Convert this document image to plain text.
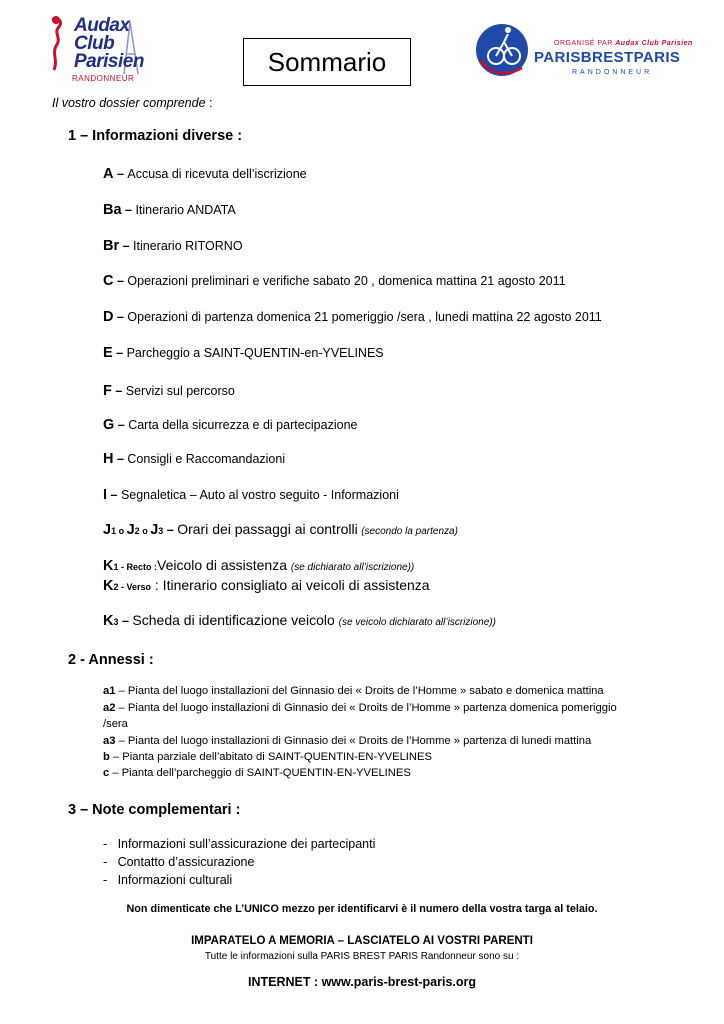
Audax
Club
Parisien
RANDONNEUR
Sommario
ORGANISÉ PAR Audax Club Parisien
PARISBRESTPARIS
RANDONNEUR
Il vostro dossier comprende :
1 – Informazioni diverse :
A – Accusa di ricevuta dell’iscrizione
Ba – Itinerario ANDATA
Br – Itinerario RITORNO
C – Operazioni preliminari e verifiche sabato 20 , domenica mattina 21 agosto 2011
D – Operazioni di partenza domenica 21 pomeriggio /sera , lunedi mattina 22 agosto 2011
E – Parcheggio a SAINT-QUENTIN-en-YVELINES
F – Servizi sul percorso
G – Carta della sicurrezza e di partecipazione
H – Consigli e Raccomandazioni
I – Segnaletica – Auto al vostro seguito - Informazioni
J1 o J2 o J3 – Orari dei passaggi ai controlli (secondo la partenza)
K1 - Recto :Veicolo di assistenza (se dichiarato all’iscrizione))
K2 - Verso : Itinerario consigliato ai veicoli di assistenza
K3 – Scheda di identificazione veicolo (se veicolo dichiarato all’iscrizione))
2 - Annessi :
a1 – Pianta del luogo installazioni del Ginnasio dei « Droits de l’Homme » sabato e domenica mattina
a2 – Pianta del luogo installazioni di Ginnasio dei « Droits de l’Homme » partenza domenica pomeriggio
/sera
a3 – Pianta del luogo installazioni di Ginnasio dei « Droits de l’Homme » partenza di lunedi mattina
b – Pianta parziale dell’abitato di SAINT-QUENTIN-EN-YVELINES
c – Pianta dell’parcheggio di SAINT-QUENTIN-EN-YVELINES
3 – Note complementari :
-   Informazioni sull’assicurazione dei partecipanti
-   Contatto d’assicurazione
-   Informazioni culturali
Non dimenticate che L’UNICO mezzo per identificarvi è il numero della vostra targa al telaio.
IMPARATELO A MEMORIA – LASCIATELO AI VOSTRI PARENTI
Tutte le informazioni sulla PARIS BREST PARIS Randonneur sono su :
INTERNET : www.paris-brest-paris.org
